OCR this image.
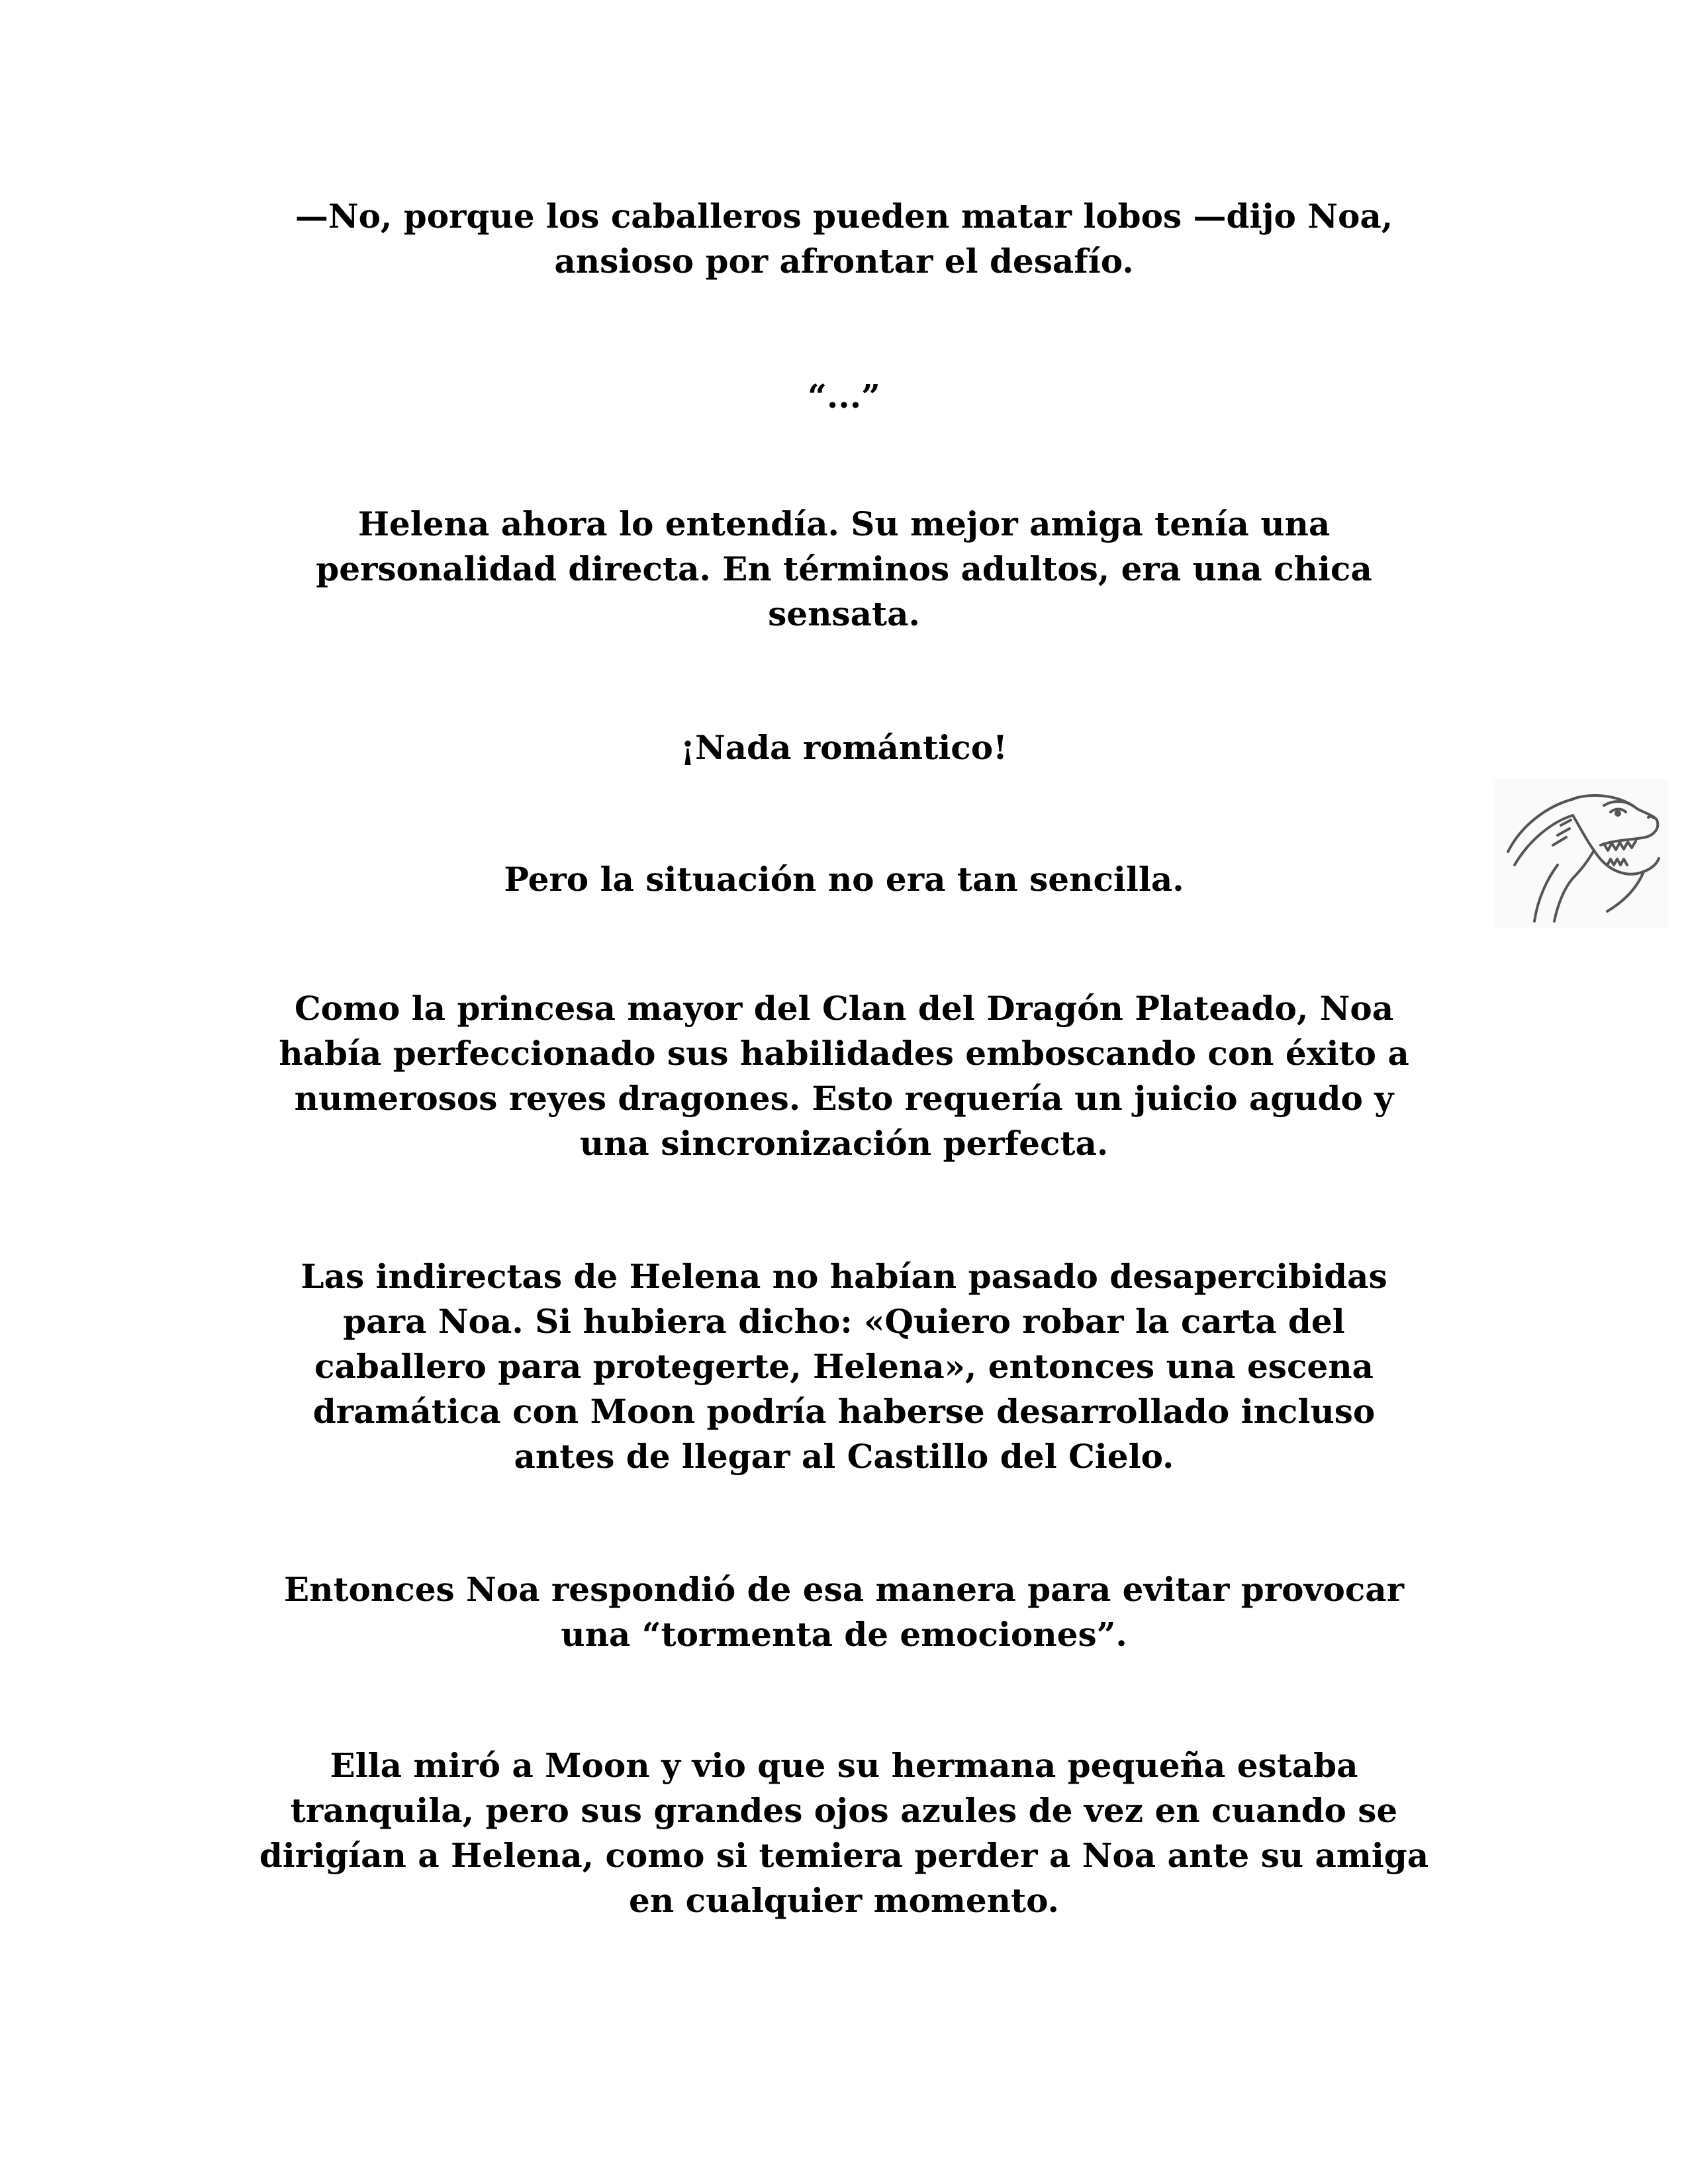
—No, porque los caballeros pueden matar lobos —dijo Noa,
ansioso por afrontar el desafío.

“...”

Helena ahora lo entendía. Su mejor amiga tenía una
personalidad directa. En términos adultos, era una chica
sensata.

¡Nada romántico!

Pero la situación no era tan sencilla.

Como la princesa mayor del Clan del Dragón Plateado, Noa
había perfeccionado sus habilidades emboscando con éxito a
numerosos reyes dragones. Esto requería un juicio agudo y
una sincronización perfecta.

Las indirectas de Helena no habían pasado desapercibidas
para Noa. Si hubiera dicho: «Quiero robar la carta del
caballero para protegerte, Helena», entonces una escena
dramática con Moon podría haberse desarrollado incluso
antes de llegar al Castillo del Cielo.

Entonces Noa respondió de esa manera para evitar provocar
una “tormenta de emociones”.

Ella miró a Moon y vio que su hermana pequeña estaba
tranquila, pero sus grandes ojos azules de vez en cuando se
dirigían a Helena, como si temiera perder a Noa ante su amiga
en cualquier momento.
